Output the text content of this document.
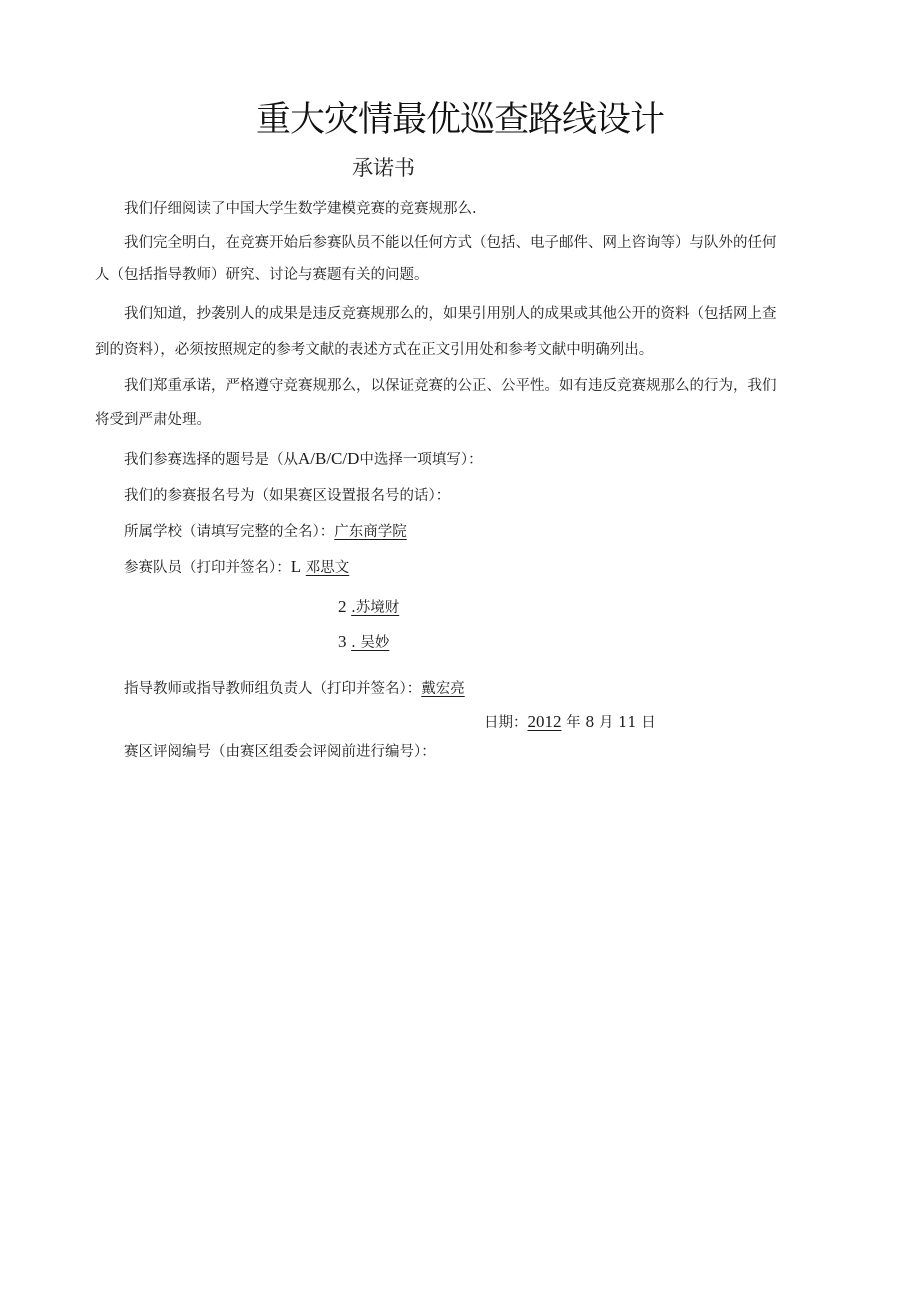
重大灾情最优巡查路线设计
承诺书

我们仔细阅读了中国大学生数学建模竞赛的竞赛规那么.

我们完全明白，在竞赛开始后参赛队员不能以任何方式（包括、电子邮件、网上咨询等）与队外的任何

人（包括指导教师）研究、讨论与赛题有关的问题。

我们知道，抄袭别人的成果是违反竞赛规那么的，如果引用别人的成果或其他公开的资料（包括网上查

到的资料），必须按照规定的参考文献的表述方式在正文引用处和参考文献中明确列出。

我们郑重承诺，严格遵守竞赛规那么，以保证竞赛的公正、公平性。如有违反竞赛规那么的行为，我们

将受到严肃处理。

我们参赛选择的题号是（从A/B/C/D中选择一项填写）：

我们的参赛报名号为（如果赛区设置报名号的话）：

所属学校（请填写完整的全名）：广东商学院

参赛队员（打印并签名）：L 邓思文

2 .苏境财

3 . 吴妙

指导教师或指导教师组负责人（打印并签名）：戴宏亮

日期：2012 年 8 月 11 日

赛区评阅编号（由赛区组委会评阅前进行编号）：
